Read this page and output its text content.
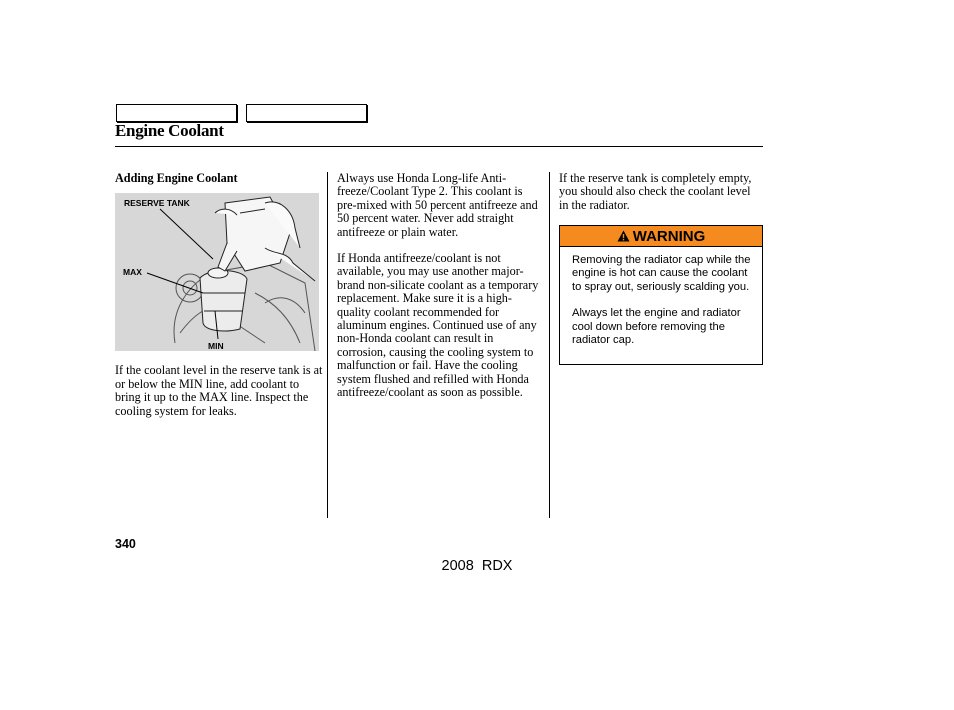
Engine Coolant
Adding Engine Coolant
RESERVE TANK
MAX
MIN

If the coolant level in the reserve tank is at or below the MIN line, add coolant to bring it up to the MAX line. Inspect the cooling system for leaks.

Always use Honda Long-life Anti-freeze/Coolant Type 2. This coolant is pre-mixed with 50 percent antifreeze and 50 percent water. Never add straight antifreeze or plain water.

If Honda antifreeze/coolant is not available, you may use another major-brand non-silicate coolant as a temporary replacement. Make sure it is a high-quality coolant recommended for aluminum engines. Continued use of any non-Honda coolant can result in corrosion, causing the cooling system to malfunction or fail. Have the cooling system flushed and refilled with Honda antifreeze/coolant as soon as possible.

If the reserve tank is completely empty, you should also check the coolant level in the radiator.

WARNING

Removing the radiator cap while the engine is hot can cause the coolant to spray out, seriously scalding you.

Always let the engine and radiator cool down before removing the radiator cap.

340
2008  RDX
